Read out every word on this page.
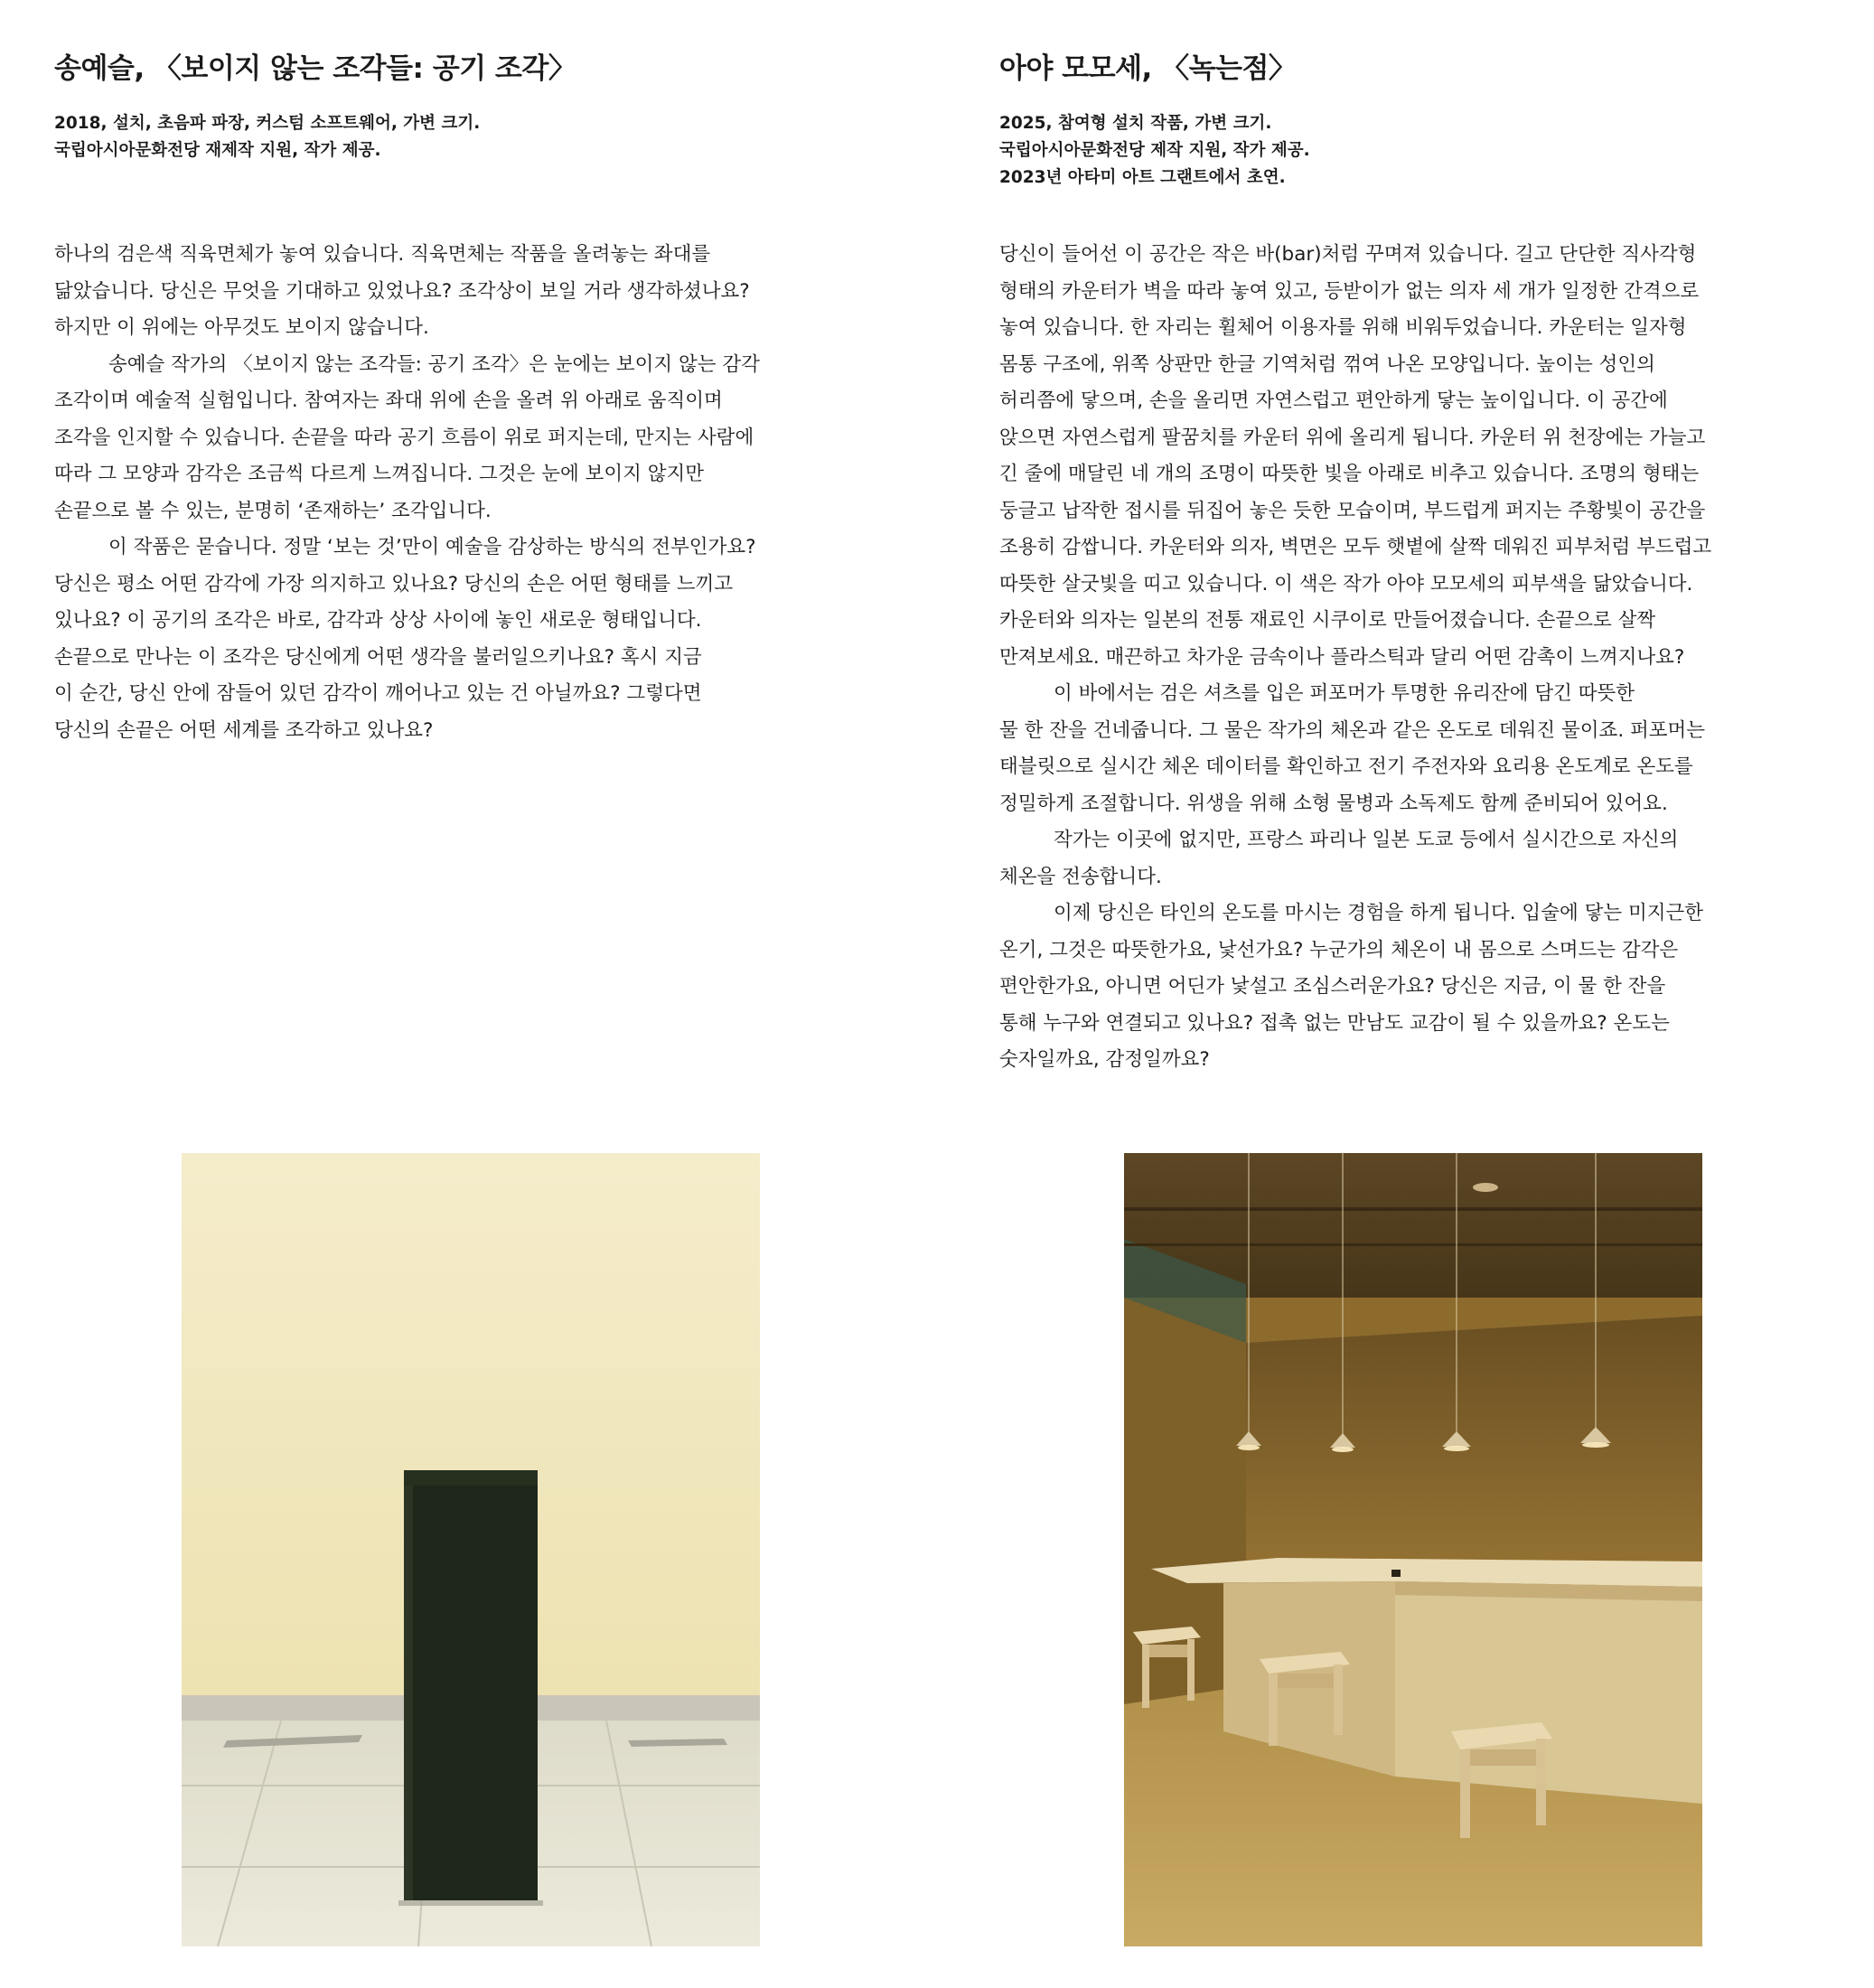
송예슬, 〈보이지 않는 조각들: 공기 조각〉
2018, 설치, 초음파 파장, 커스텀 소프트웨어, 가변 크기.
국립아시아문화전당 재제작 지원, 작가 제공.
하나의 검은색 직육면체가 놓여 있습니다. 직육면체는 작품을 올려놓는 좌대를
닮았습니다. 당신은 무엇을 기대하고 있었나요? 조각상이 보일 거라 생각하셨나요?
하지만 이 위에는 아무것도 보이지 않습니다.
송예슬 작가의 〈보이지 않는 조각들: 공기 조각〉은 눈에는 보이지 않는 감각
조각이며 예술적 실험입니다. 참여자는 좌대 위에 손을 올려 위 아래로 움직이며
조각을 인지할 수 있습니다. 손끝을 따라 공기 흐름이 위로 퍼지는데, 만지는 사람에
따라 그 모양과 감각은 조금씩 다르게 느껴집니다. 그것은 눈에 보이지 않지만
손끝으로 볼 수 있는, 분명히 ‘존재하는’ 조각입니다.
이 작품은 묻습니다. 정말 ‘보는 것’만이 예술을 감상하는 방식의 전부인가요?
당신은 평소 어떤 감각에 가장 의지하고 있나요? 당신의 손은 어떤 형태를 느끼고
있나요? 이 공기의 조각은 바로, 감각과 상상 사이에 놓인 새로운 형태입니다.
손끝으로 만나는 이 조각은 당신에게 어떤 생각을 불러일으키나요? 혹시 지금
이 순간, 당신 안에 잠들어 있던 감각이 깨어나고 있는 건 아닐까요? 그렇다면
당신의 손끝은 어떤 세계를 조각하고 있나요?
아야 모모세, 〈녹는점〉
2025, 참여형 설치 작품, 가변 크기.
국립아시아문화전당 제작 지원, 작가 제공.
2023년 아타미 아트 그랜트에서 초연.
당신이 들어선 이 공간은 작은 바(bar)처럼 꾸며져 있습니다. 길고 단단한 직사각형
형태의 카운터가 벽을 따라 놓여 있고, 등받이가 없는 의자 세 개가 일정한 간격으로
놓여 있습니다. 한 자리는 휠체어 이용자를 위해 비워두었습니다. 카운터는 일자형
몸통 구조에, 위쪽 상판만 한글 기역처럼 꺾여 나온 모양입니다. 높이는 성인의
허리쯤에 닿으며, 손을 올리면 자연스럽고 편안하게 닿는 높이입니다. 이 공간에
앉으면 자연스럽게 팔꿈치를 카운터 위에 올리게 됩니다. 카운터 위 천장에는 가늘고
긴 줄에 매달린 네 개의 조명이 따뜻한 빛을 아래로 비추고 있습니다. 조명의 형태는
둥글고 납작한 접시를 뒤집어 놓은 듯한 모습이며, 부드럽게 퍼지는 주황빛이 공간을
조용히 감쌉니다. 카운터와 의자, 벽면은 모두 햇볕에 살짝 데워진 피부처럼 부드럽고
따뜻한 살굿빛을 띠고 있습니다. 이 색은 작가 아야 모모세의 피부색을 닮았습니다.
카운터와 의자는 일본의 전통 재료인 시쿠이로 만들어졌습니다. 손끝으로 살짝
만져보세요. 매끈하고 차가운 금속이나 플라스틱과 달리 어떤 감촉이 느껴지나요?
이 바에서는 검은 셔츠를 입은 퍼포머가 투명한 유리잔에 담긴 따뜻한
물 한 잔을 건네줍니다. 그 물은 작가의 체온과 같은 온도로 데워진 물이죠. 퍼포머는
태블릿으로 실시간 체온 데이터를 확인하고 전기 주전자와 요리용 온도계로 온도를
정밀하게 조절합니다. 위생을 위해 소형 물병과 소독제도 함께 준비되어 있어요.
작가는 이곳에 없지만, 프랑스 파리나 일본 도쿄 등에서 실시간으로 자신의
체온을 전송합니다.
이제 당신은 타인의 온도를 마시는 경험을 하게 됩니다. 입술에 닿는 미지근한
온기, 그것은 따뜻한가요, 낯선가요? 누군가의 체온이 내 몸으로 스며드는 감각은
편안한가요, 아니면 어딘가 낯설고 조심스러운가요? 당신은 지금, 이 물 한 잔을
통해 누구와 연결되고 있나요? 접촉 없는 만남도 교감이 될 수 있을까요? 온도는
숫자일까요, 감정일까요?
